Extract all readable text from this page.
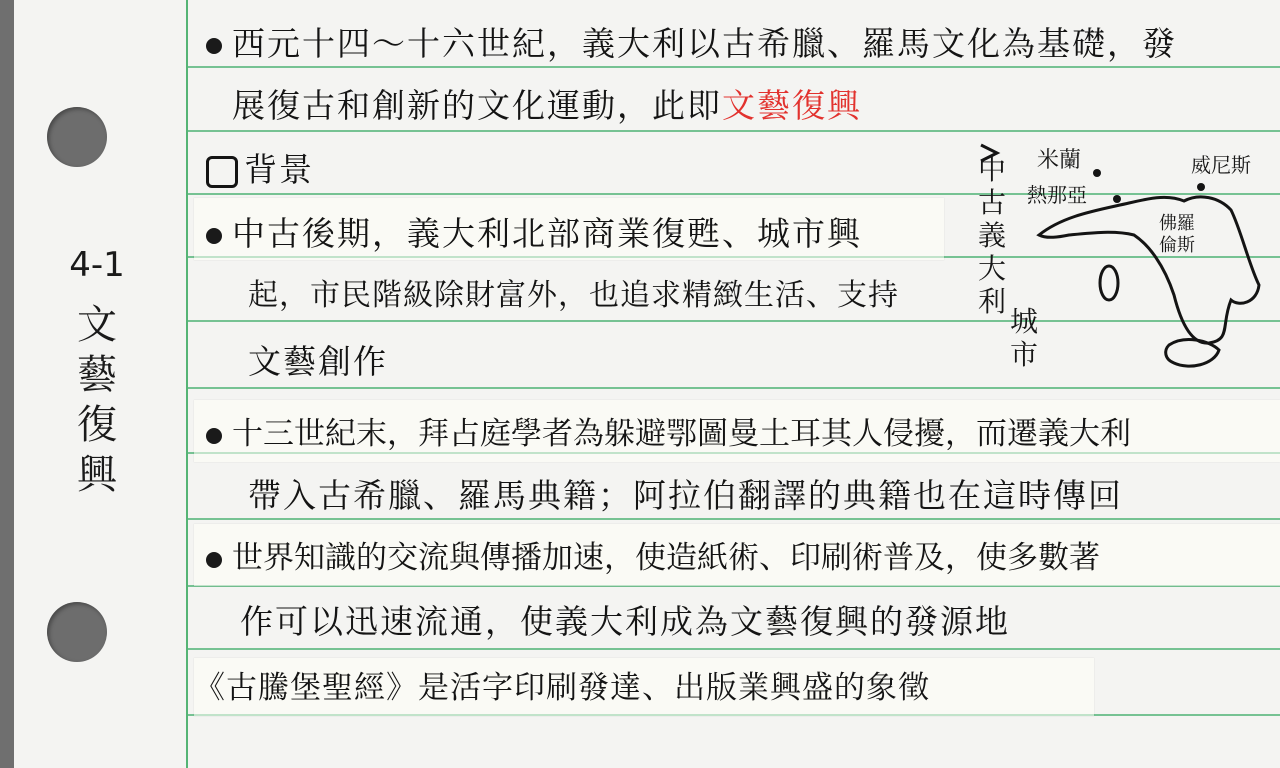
4-1
文
藝
復
興
西元十四～十六世紀，義大利以古希臘、羅馬文化為基礎，發
展復古和創新的文化運動，此即文藝復興
背景
中古後期，義大利北部商業復甦、城市興
起，市民階級除財富外，也追求精緻生活、支持
文藝創作
十三世紀末，拜占庭學者為躲避鄂圖曼土耳其人侵擾，而遷義大利
帶入古希臘、羅馬典籍；阿拉伯翻譯的典籍也在這時傳回
世界知識的交流與傳播加速，使造紙術、印刷術普及，使多數著
作可以迅速流通，使義大利成為文藝復興的發源地
《古騰堡聖經》是活字印刷發達、出版業興盛的象徵
中
古
義
大
利
城
市
米蘭
熱那亞
威尼斯
佛羅倫斯
